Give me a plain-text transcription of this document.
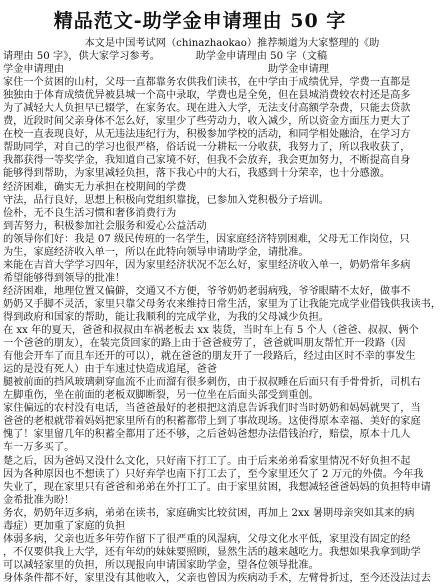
精品范文-助学金申请理由 50 字
　　　　　　　　本文是中国考试网（chinazhaokao）推荐频道为大家整理的《助
请理由 50 字》，供大家学习参考。　　　　助学金申请理由 50 字（文稿
学金申请理由　　　　　　　　　　　　　　　　　　　　助学金申请理
家住一个贫困的山村，父母一直都靠务农供我们读书，在中学由于成绩优异，学费一直都是
独独由于体育成绩优异被县城一个高中录取，学费也是全免，但在县城消费较农村还是高多
为了减轻大人负担早已辍学，在家务农。现在进入大学，无法支付高额学杂费，只能去贷款
费，近段时间父亲身体不怎么好，家里少了些劳动力，收入减少，所以资金方面压力更大了
在校一直表现良好，从无违法违纪行为，积极参加学校的活动，和同学相处融洽，在学习方
帮助同学，对自己的学习也很严格，俗话说一分耕耘一分收获，我努力了，所以我收获了，
我都获得一等奖学金，我知道自己家境不好，但我不会放弃，我会更加努力，不断提高自身
能够得到帮助，为家里减轻负担，落下我心中的大石，我感到十分荣幸，也十分感激。
经济困难，确实无力承担在校期间的学费
守法，品行良好，思想上积极向党组织靠拢，已参加入党积极分子培训。
俭朴，无不良生活习惯和奢侈消费行为
到苦努力，积极参加社会服务和爱心公益活动
的领导你们好：我是 07 级民传班的一名学生，因家庭经济特别困难，父母无工作岗位，只
为生，家庭经济收入单一，所以在此特向领导申请助学金，请批准。
来能在吉首大学学习四年，因为家里经济状况不怎么好，家里经济收入单一，奶奶常年多病
希望能够得到领导的批准！
经济困难，地理位置又偏僻，交通又不方便，爷爷奶奶老弱病残，爷爷眼睛不太好，做事不
奶奶又手脚不灵活，家里只靠父母务农来维持日常生活，家里为了让我能完成学业借钱供我读书，
得到政府和国家的帮助，能让我顺利的完成学业，为我的父母减少负担。
在 xx 年的夏天，爸爸和叔叔由车祸老板去 xx 装货，当时车上有 5 个人（爸爸、叔叔、俩个
一个爸爸的朋友），在装完货回家的路上由于爸爸疲劳了，爸爸就叫朋友帮忙开一段路（因
有他会开车了而且车还开的可以），就在爸爸的朋友开了一段路后，经过由区时不幸的事发生
运的是没有死人）由于车速过快造成追尾，爸爸
腿被前面的挡风玻璃刺穿血流不止而溜有很多刺伤，由于叔叔睡在后面只有手骨骨折，司机右
左脚重伤，坐在前面的老板双脚断裂，另一位坐在后面头部受到重创。
家住偏远的农村没有电话，当爸爸最好的老根把这消息告诉我们时当时奶奶和妈妈就哭了，当
爸爸的老根就带着妈妈把家里所有的积蓄都带上到了事故现场。这使得原本幸福、美好的家庭
愧了！家里留几年的积蓄全都用了还不够，之后爸妈爸想办法借钱治疗，赔偿，原本十几人
车一万多买了。
楚之后，因为爸妈又没什么文化，只好南下打工了。由于后来弟弟看家里情况不好负担不起
因为各种原因也不想读了）只好弃学也南下打工去了，至今家里还欠了 2 万元的外债。今年我
失业了，现在家里只有爸爸和弟弟在外打工了。由于家里贫困，我想减轻爸爸妈妈的负担特申请
金希批准为盼！
务农，奶奶年迈多病，弟弟在读书，家庭确实比较贫困，再加上 2xx 暑期母亲突如其来的病
毒症）更加重了家庭的负担
体弱多病，父亲也近多年劳作留下了很严重的风湿病，父母文化水平低，家里没有固定的经
，不仅要供我上大学，还有年幼的妹妹要照顾，显然生活的越来越吃力。我想如果我拿到助学
可以减轻家里的负担，所以现报向申请国家助学金，望各位领导批准。
身体条件都不好，家里没有其他收入，父亲也曾因为疾病动手术，左臂骨折过，至今还没法过去
